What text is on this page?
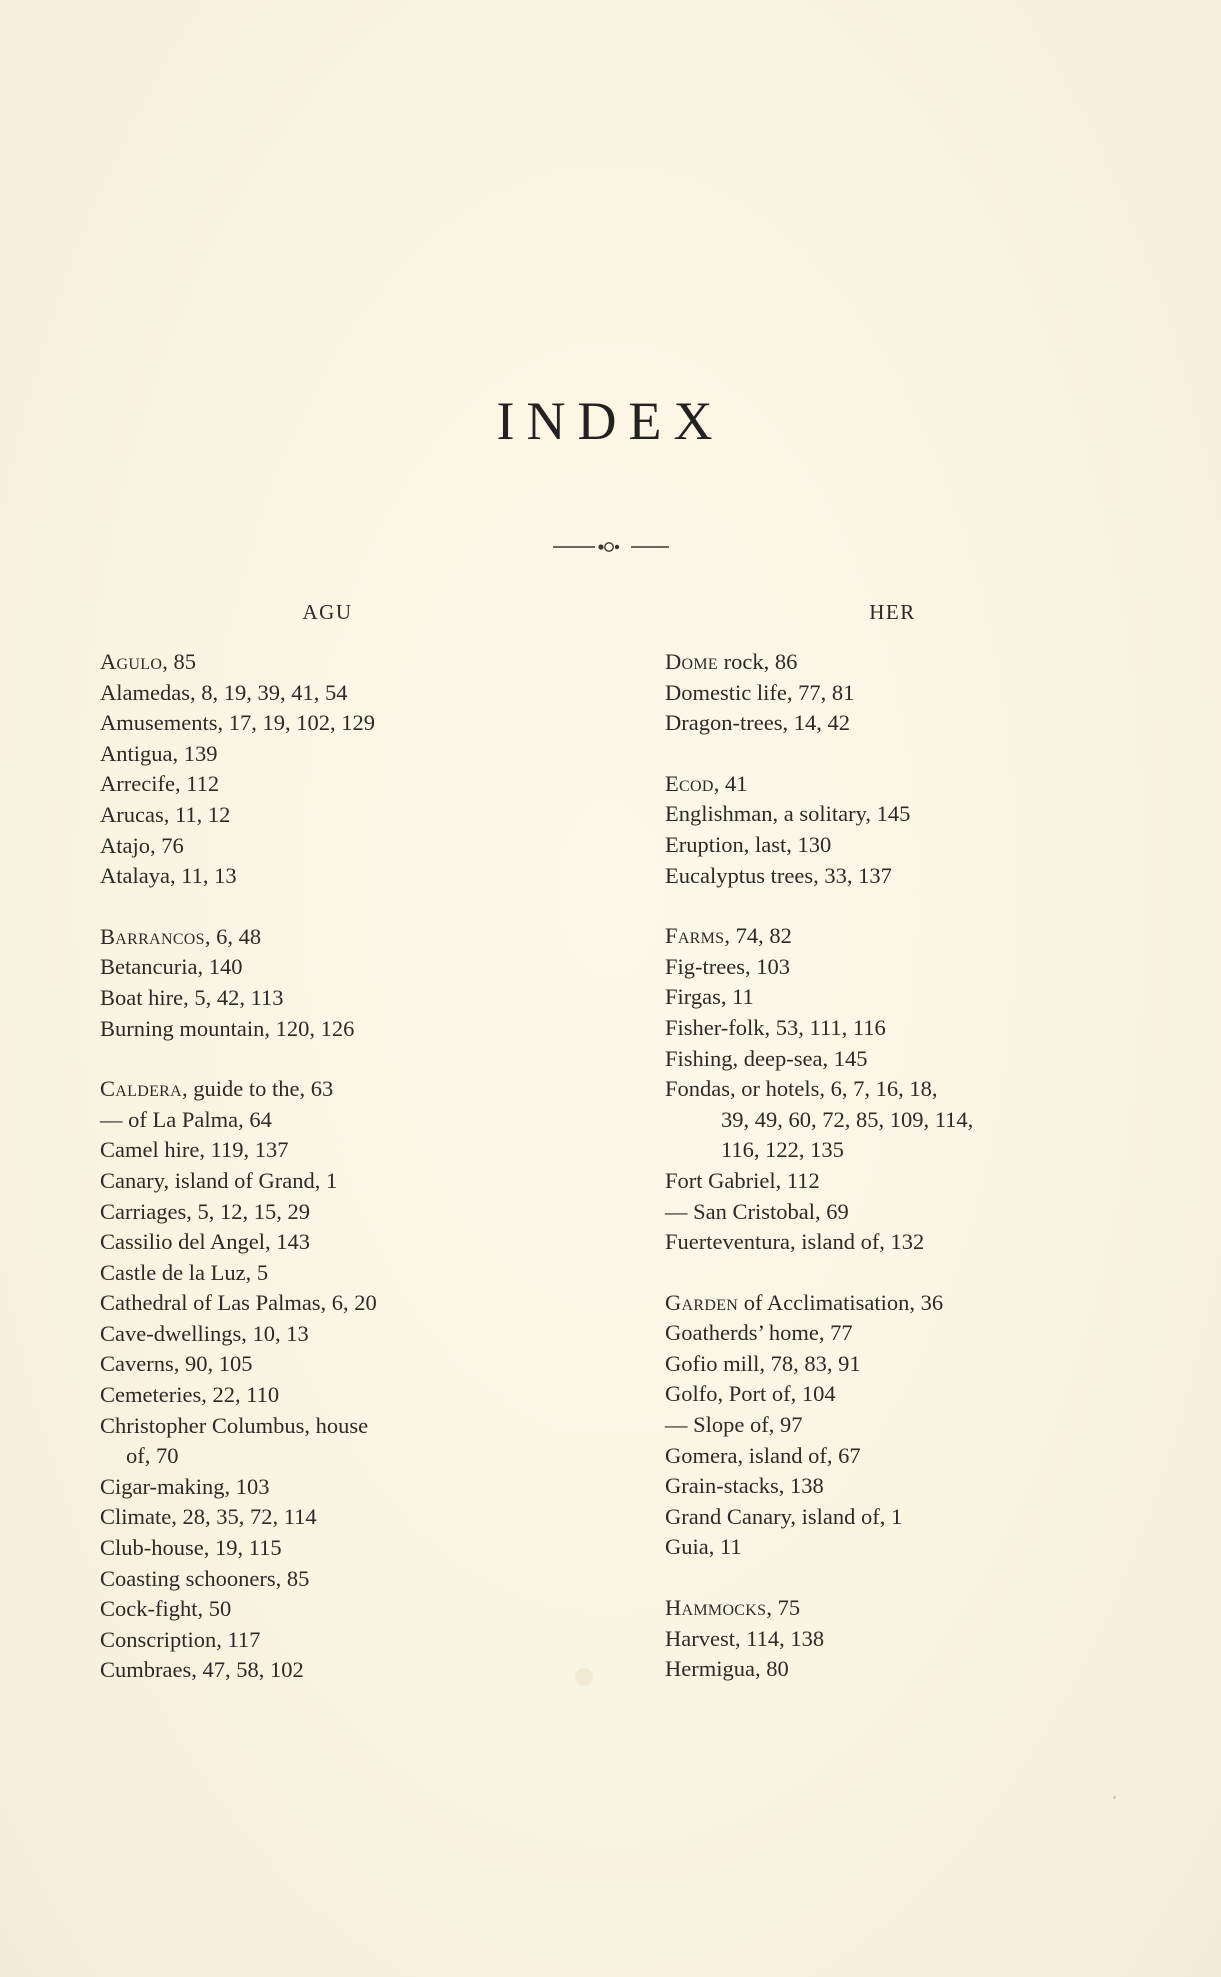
INDEX
AGU
Agulo, 85
Alamedas, 8, 19, 39, 41, 54
Amusements, 17, 19, 102, 129
Antigua, 139
Arrecife, 112
Arucas, 11, 12
Atajo, 76
Atalaya, 11, 13
Barrancos, 6, 48
Betancuria, 140
Boat hire, 5, 42, 113
Burning mountain, 120, 126
Caldera, guide to the, 63
— of La Palma, 64
Camel hire, 119, 137
Canary, island of Grand, 1
Carriages, 5, 12, 15, 29
Cassilio del Angel, 143
Castle de la Luz, 5
Cathedral of Las Palmas, 6, 20
Cave-dwellings, 10, 13
Caverns, 90, 105
Cemeteries, 22, 110
Christopher Columbus, house
of, 70
Cigar-making, 103
Climate, 28, 35, 72, 114
Club-house, 19, 115
Coasting schooners, 85
Cock-fight, 50
Conscription, 117
Cumbraes, 47, 58, 102
HER
Dome rock, 86
Domestic life, 77, 81
Dragon-trees, 14, 42
Ecod, 41
Englishman, a solitary, 145
Eruption, last, 130
Eucalyptus trees, 33, 137
Farms, 74, 82
Fig-trees, 103
Firgas, 11
Fisher-folk, 53, 111, 116
Fishing, deep-sea, 145
Fondas, or hotels, 6, 7, 16, 18,
39, 49, 60, 72, 85, 109, 114,
116, 122, 135
Fort Gabriel, 112
— San Cristobal, 69
Fuerteventura, island of, 132
Garden of Acclimatisation, 36
Goatherds’ home, 77
Gofio mill, 78, 83, 91
Golfo, Port of, 104
— Slope of, 97
Gomera, island of, 67
Grain-stacks, 138
Grand Canary, island of, 1
Guia, 11
Hammocks, 75
Harvest, 114, 138
Hermigua, 80
